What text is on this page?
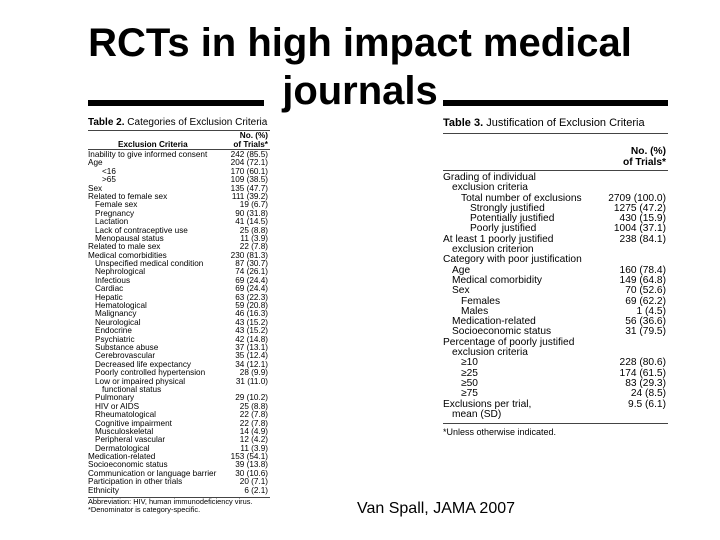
RCTs in high impact medical
journals
Table 2. Categories of Exclusion Criteria
No. (%)
Exclusion Criteria	of Trials*
Inability to give informed consent	242 (85.5)
Age	204 (72.1)
<16	170 (60.1)
>65	109 (38.5)
Sex	135 (47.7)
Related to female sex	111 (39.2)
Female sex	19 (6.7)
Pregnancy	90 (31.8)
Lactation	41 (14.5)
Lack of contraceptive use	25 (8.8)
Menopausal status	11 (3.9)
Related to male sex	22 (7.8)
Medical comorbidities	230 (81.3)
Unspecified medical condition	87 (30.7)
Nephrological	74 (26.1)
Infectious	69 (24.4)
Cardiac	69 (24.4)
Hepatic	63 (22.3)
Hematological	59 (20.8)
Malignancy	46 (16.3)
Neurological	43 (15.2)
Endocrine	43 (15.2)
Psychiatric	42 (14.8)
Substance abuse	37 (13.1)
Cerebrovascular	35 (12.4)
Decreased life expectancy	34 (12.1)
Poorly controlled hypertension	28 (9.9)
Low or impaired physical	31 (11.0)
functional status
Pulmonary	29 (10.2)
HIV or AIDS	25 (8.8)
Rheumatological	22 (7.8)
Cognitive impairment	22 (7.8)
Musculoskeletal	14 (4.9)
Peripheral vascular	12 (4.2)
Dermatological	11 (3.9)
Medication-related	153 (54.1)
Socioeconomic status	39 (13.8)
Communication or language barrier	30 (10.6)
Participation in other trials	20 (7.1)
Ethnicity	6 (2.1)
Abbreviation: HIV, human immunodeficiency virus.
*Denominator is category-specific.
Table 3. Justification of Exclusion Criteria
No. (%)
of Trials*
Grading of individual
exclusion criteria
Total number of exclusions	2709 (100.0)
Strongly justified	1275 (47.2)
Potentially justified	430 (15.9)
Poorly justified	1004 (37.1)
At least 1 poorly justified	238 (84.1)
exclusion criterion
Category with poor justification
Age	160 (78.4)
Medical comorbidity	149 (64.8)
Sex	70 (52.6)
Females	69 (62.2)
Males	1 (4.5)
Medication-related	56 (36.6)
Socioeconomic status	31 (79.5)
Percentage of poorly justified
exclusion criteria
≥10	228 (80.6)
≥25	174 (61.5)
≥50	83 (29.3)
≥75	24 (8.5)
Exclusions per trial,	9.5 (6.1)
mean (SD)
*Unless otherwise indicated.
Van Spall, JAMA 2007
